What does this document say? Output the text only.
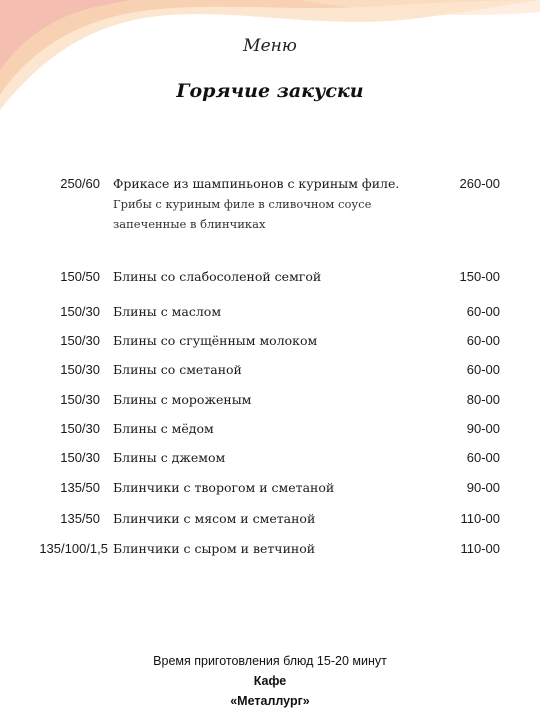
Меню
Горячие закуски
250/60 Фрикасе из шампиньонов с куриным филе.	260-00
Грибы с куриным филе в сливочном соусе запеченные в блинчиках
150/50 Блины со слабосоленой семгой	150-00
150/30 Блины с маслом	60-00
150/30 Блины со сгущённым молоком	60-00
150/30 Блины со сметаной	60-00
150/30 Блины с мороженым	80-00
150/30 Блины с мёдом	90-00
150/30 Блины с джемом	60-00
135/50 Блинчики с творогом и сметаной	90-00
135/50 Блинчики с мясом и сметаной	110-00
135/100/1,5 Блинчики с сыром и ветчиной	110-00
Время приготовления блюд 15-20 минут
Кафе
«Металлург»
